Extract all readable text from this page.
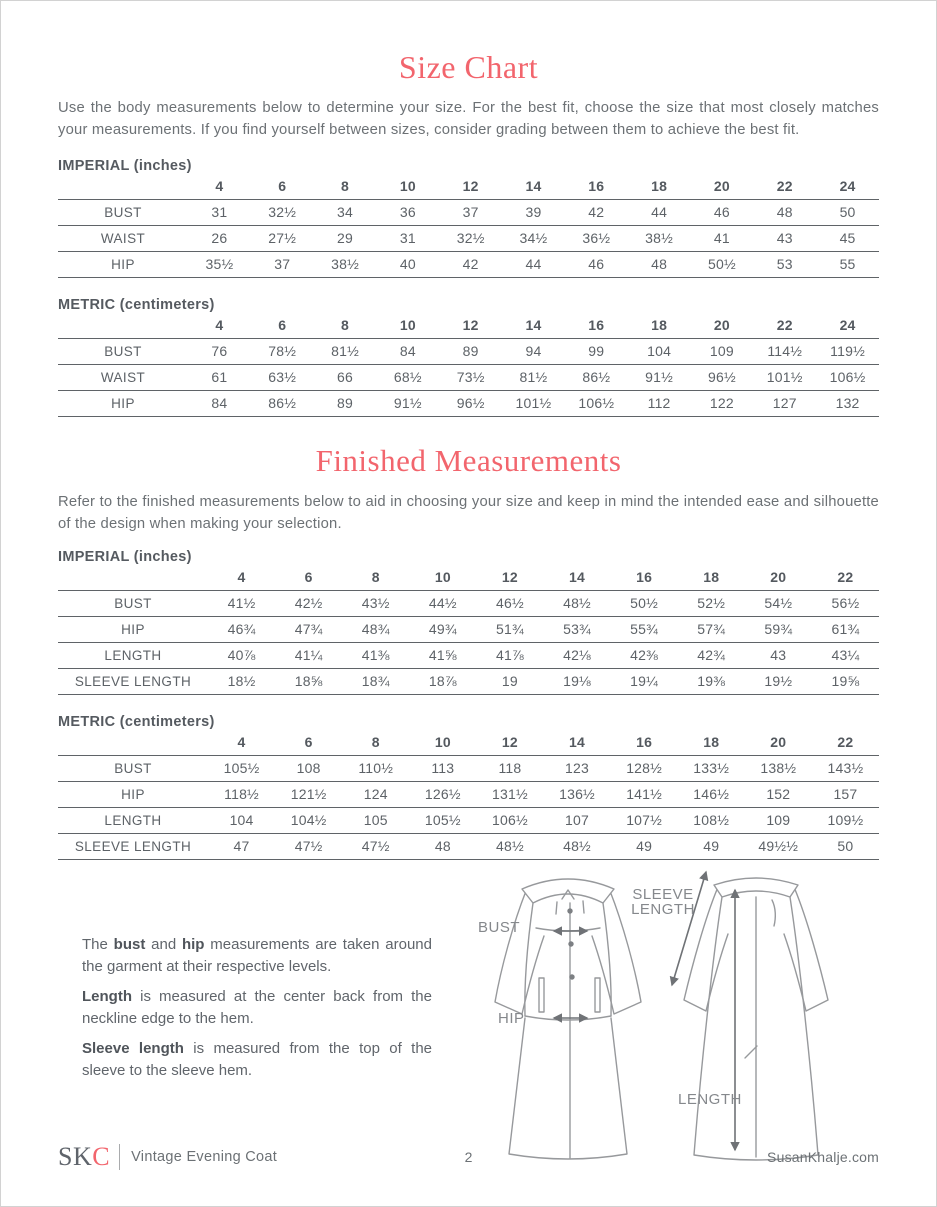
Size Chart

Use the body measurements below to determine your size. For the best fit, choose the size that most closely matches your measurements. If you find yourself between sizes, consider grading between them to achieve the best fit.

IMPERIAL (inches)
	4	6	8	10	12	14	16	18	20	22	24
BUST	31	32½	34	36	37	39	42	44	46	48	50
WAIST	26	27½	29	31	32½	34½	36½	38½	41	43	45
HIP	35½	37	38½	40	42	44	46	48	50½	53	55
METRIC (centimeters)
	4	6	8	10	12	14	16	18	20	22	24
BUST	76	78½	81½	84	89	94	99	104	109	114½	119½
WAIST	61	63½	66	68½	73½	81½	86½	91½	96½	101½	106½
HIP	84	86½	89	91½	96½	101½	106½	112	122	127	132
Finished Measurements

Refer to the finished measurements below to aid in choosing your size and keep in mind the intended ease and silhouette of the design when making your selection.

IMPERIAL (inches)
	4	6	8	10	12	14	16	18	20	22
BUST	41½	42½	43½	44½	46½	48½	50½	52½	54½	56½
HIP	46¾	47¾	48¾	49¾	51¾	53¾	55¾	57¾	59¾	61¾
LENGTH	40⅞	41¼	41⅜	41⅝	41⅞	42⅛	42⅜	42¾	43	43¼
SLEEVE LENGTH	18½	18⅝	18¾	18⅞	19	19⅛	19¼	19⅜	19½	19⅝
METRIC (centimeters)
	4	6	8	10	12	14	16	18	20	22
BUST	105½	108	110½	113	118	123	128½	133½	138½	143½
HIP	118½	121½	124	126½	131½	136½	141½	146½	152	157
LENGTH	104	104½	105	105½	106½	107	107½	108½	109	109½
SLEEVE LENGTH	47	47½	47½	48	48½	48½	49	49	49½½	50

The bust and hip measurements are taken around the garment at their respective levels.

Length is measured at the center back from the neckline edge to the hem.

Sleeve length is measured from the top of the sleeve to the sleeve hem.

BUST
HIP
SLEEVE
LENGTH
LENGTH
SKC Vintage Evening Coat	2	SusanKhalje.com
